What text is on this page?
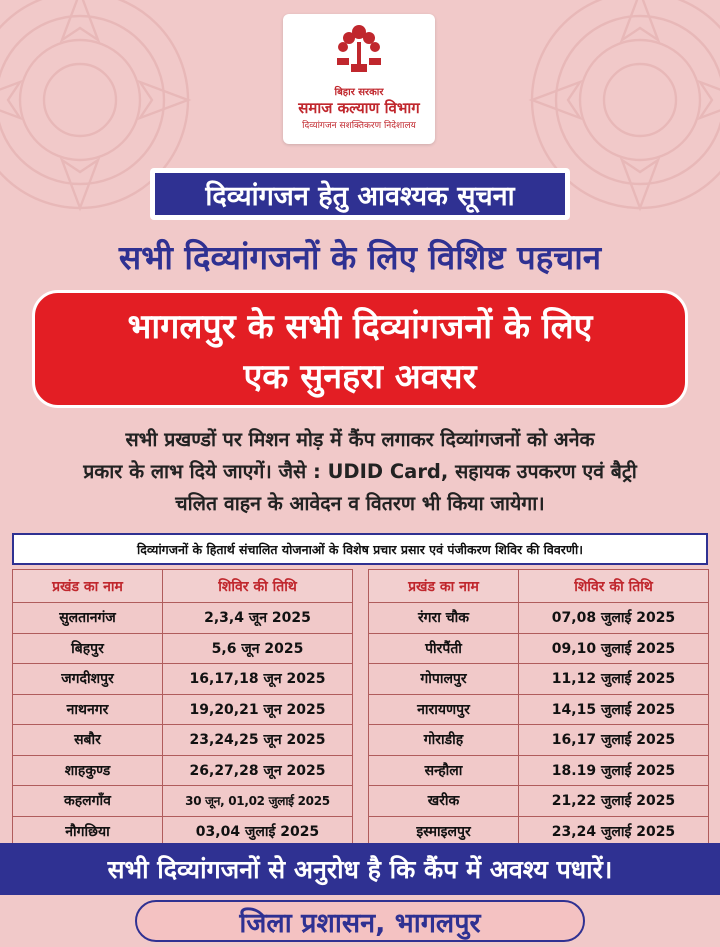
बिहार सरकार
समाज कल्याण विभाग
दिव्यांगजन सशक्तिकरण निदेशालय
दिव्यांगजन हेतु आवश्यक सूचना
सभी दिव्यांगजनों के लिए विशिष्ट पहचान
भागलपुर के सभी दिव्यांगजनों के लिए
एक सुनहरा अवसर
सभी प्रखण्डों पर मिशन मोड़ में कैंप लगाकर दिव्यांगजनों को अनेक
प्रकार के लाभ दिये जाएगें। जैसे : UDID Card, सहायक उपकरण एवं बैट्री
चलित वाहन के आवेदन व वितरण भी किया जायेगा।
दिव्यांगजनों के हितार्थ संचालित योजनाओं के विशेष प्रचार प्रसार एवं पंजीकरण शिविर की विवरणी।
प्रखंड का नाम	शिविर की तिथि
सुलतानगंज	2,3,4 जून 2025
बिहपुर	5,6 जून 2025
जगदीशपुर	16,17,18 जून 2025
नाथनगर	19,20,21 जून 2025
सबौर	23,24,25 जून 2025
शाहकुण्ड	26,27,28 जून 2025
कहलगाँव	30 जून, 01,02 जुलाई 2025
नौगछिया	03,04 जुलाई 2025
प्रखंड का नाम	शिविर की तिथि
रंगरा चौक	07,08 जुलाई 2025
पीरपैंती	09,10 जुलाई 2025
गोपालपुर	11,12 जुलाई 2025
नारायणपुर	14,15 जुलाई 2025
गोराडीह	16,17 जुलाई 2025
सन्हौला	18.19 जुलाई 2025
खरीक	21,22 जुलाई 2025
इस्माइलपुर	23,24 जुलाई 2025
सभी दिव्यांगजनों से अनुरोध है कि कैंप में अवश्य पधारें।
जिला प्रशासन, भागलपुर
